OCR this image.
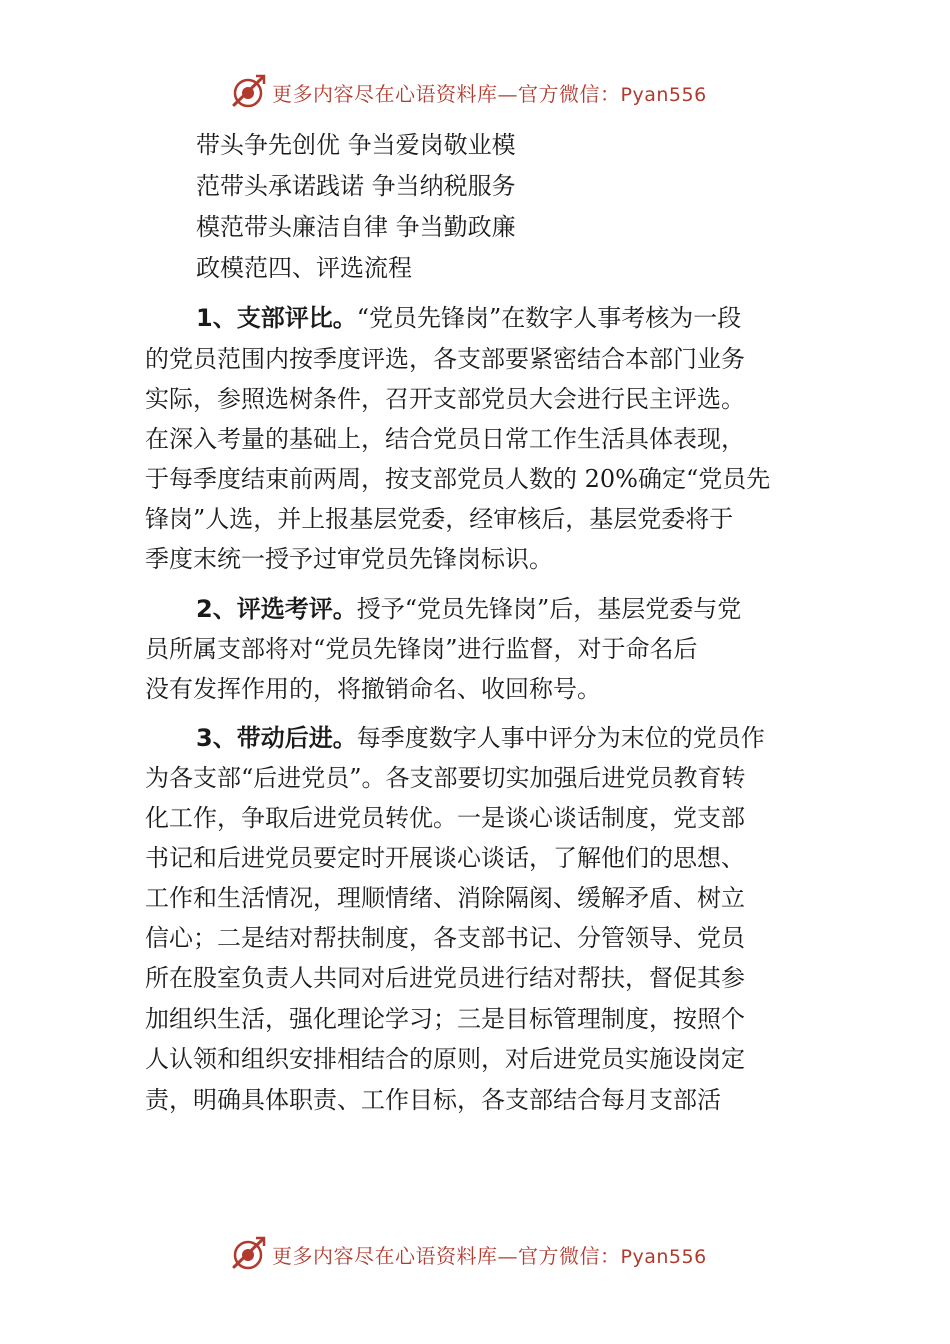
更多内容尽在心语资料库—官方微信：Pyan556
带头争先创优 争当爱岗敬业模
范带头承诺践诺 争当纳税服务
模范带头廉洁自律 争当勤政廉
政模范四、评选流程
1、支部评比。“党员先锋岗”在数字人事考核为一段
的党员范围内按季度评选，各支部要紧密结合本部门业务
实际，参照选树条件，召开支部党员大会进行民主评选。
在深入考量的基础上，结合党员日常工作生活具体表现，
于每季度结束前两周，按支部党员人数的 20%确定“党员先
锋岗”人选，并上报基层党委，经审核后，基层党委将于
季度末统一授予过审党员先锋岗标识。
2、评选考评。授予“党员先锋岗”后，基层党委与党
员所属支部将对“党员先锋岗”进行监督，对于命名后
没有发挥作用的，将撤销命名、收回称号。
3、带动后进。每季度数字人事中评分为末位的党员作
为各支部“后进党员”。各支部要切实加强后进党员教育转
化工作，争取后进党员转优。一是谈心谈话制度，党支部
书记和后进党员要定时开展谈心谈话，了解他们的思想、
工作和生活情况，理顺情绪、消除隔阂、缓解矛盾、树立
信心；二是结对帮扶制度，各支部书记、分管领导、党员
所在股室负责人共同对后进党员进行结对帮扶，督促其参
加组织生活，强化理论学习；三是目标管理制度，按照个
人认领和组织安排相结合的原则，对后进党员实施设岗定
责，明确具体职责、工作目标，各支部结合每月支部活
更多内容尽在心语资料库—官方微信：Pyan556
